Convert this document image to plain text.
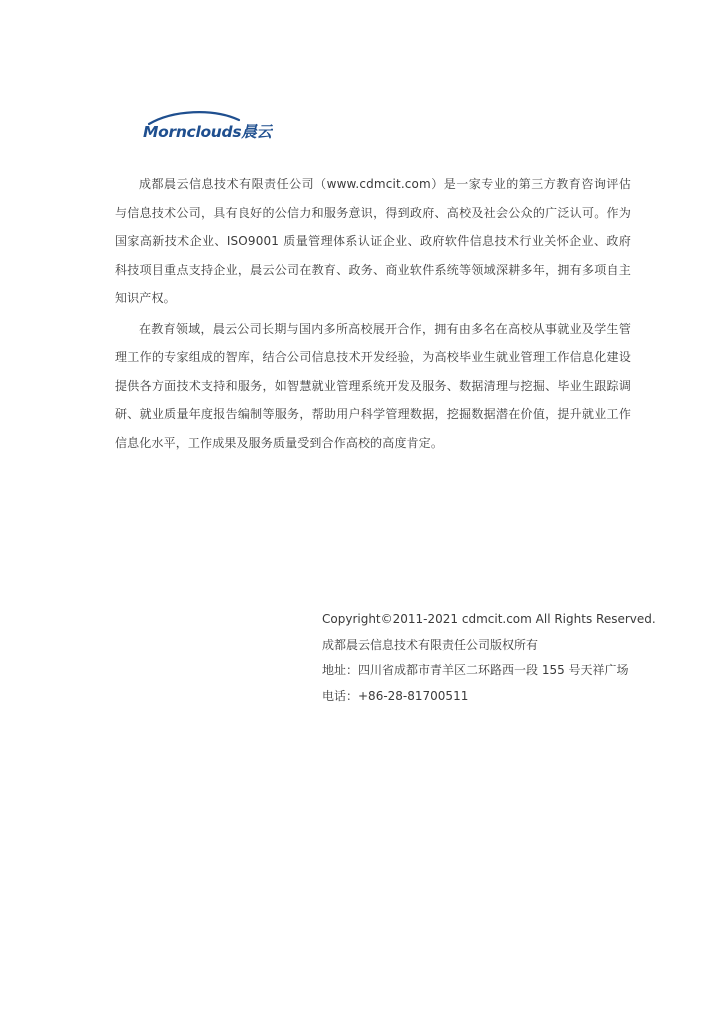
Mornclouds晨云

成都晨云信息技术有限责任公司（www.cdmcit.com）是一家专业的第三方教育咨询评估与信息技术公司，具有良好的公信力和服务意识，得到政府、高校及社会公众的广泛认可。作为国家高新技术企业、ISO9001 质量管理体系认证企业、政府软件信息技术行业关怀企业、政府科技项目重点支持企业，晨云公司在教育、政务、商业软件系统等领域深耕多年，拥有多项自主知识产权。

在教育领域，晨云公司长期与国内多所高校展开合作，拥有由多名在高校从事就业及学生管理工作的专家组成的智库，结合公司信息技术开发经验，为高校毕业生就业管理工作信息化建设提供各方面技术支持和服务，如智慧就业管理系统开发及服务、数据清理与挖掘、毕业生跟踪调研、就业质量年度报告编制等服务，帮助用户科学管理数据，挖掘数据潜在价值，提升就业工作信息化水平，工作成果及服务质量受到合作高校的高度肯定。

Copyright©2011-2021 cdmcit.com All Rights Reserved.
成都晨云信息技术有限责任公司版权所有
地址：四川省成都市青羊区二环路西一段 155 号天祥广场
电话：+86-28-81700511
